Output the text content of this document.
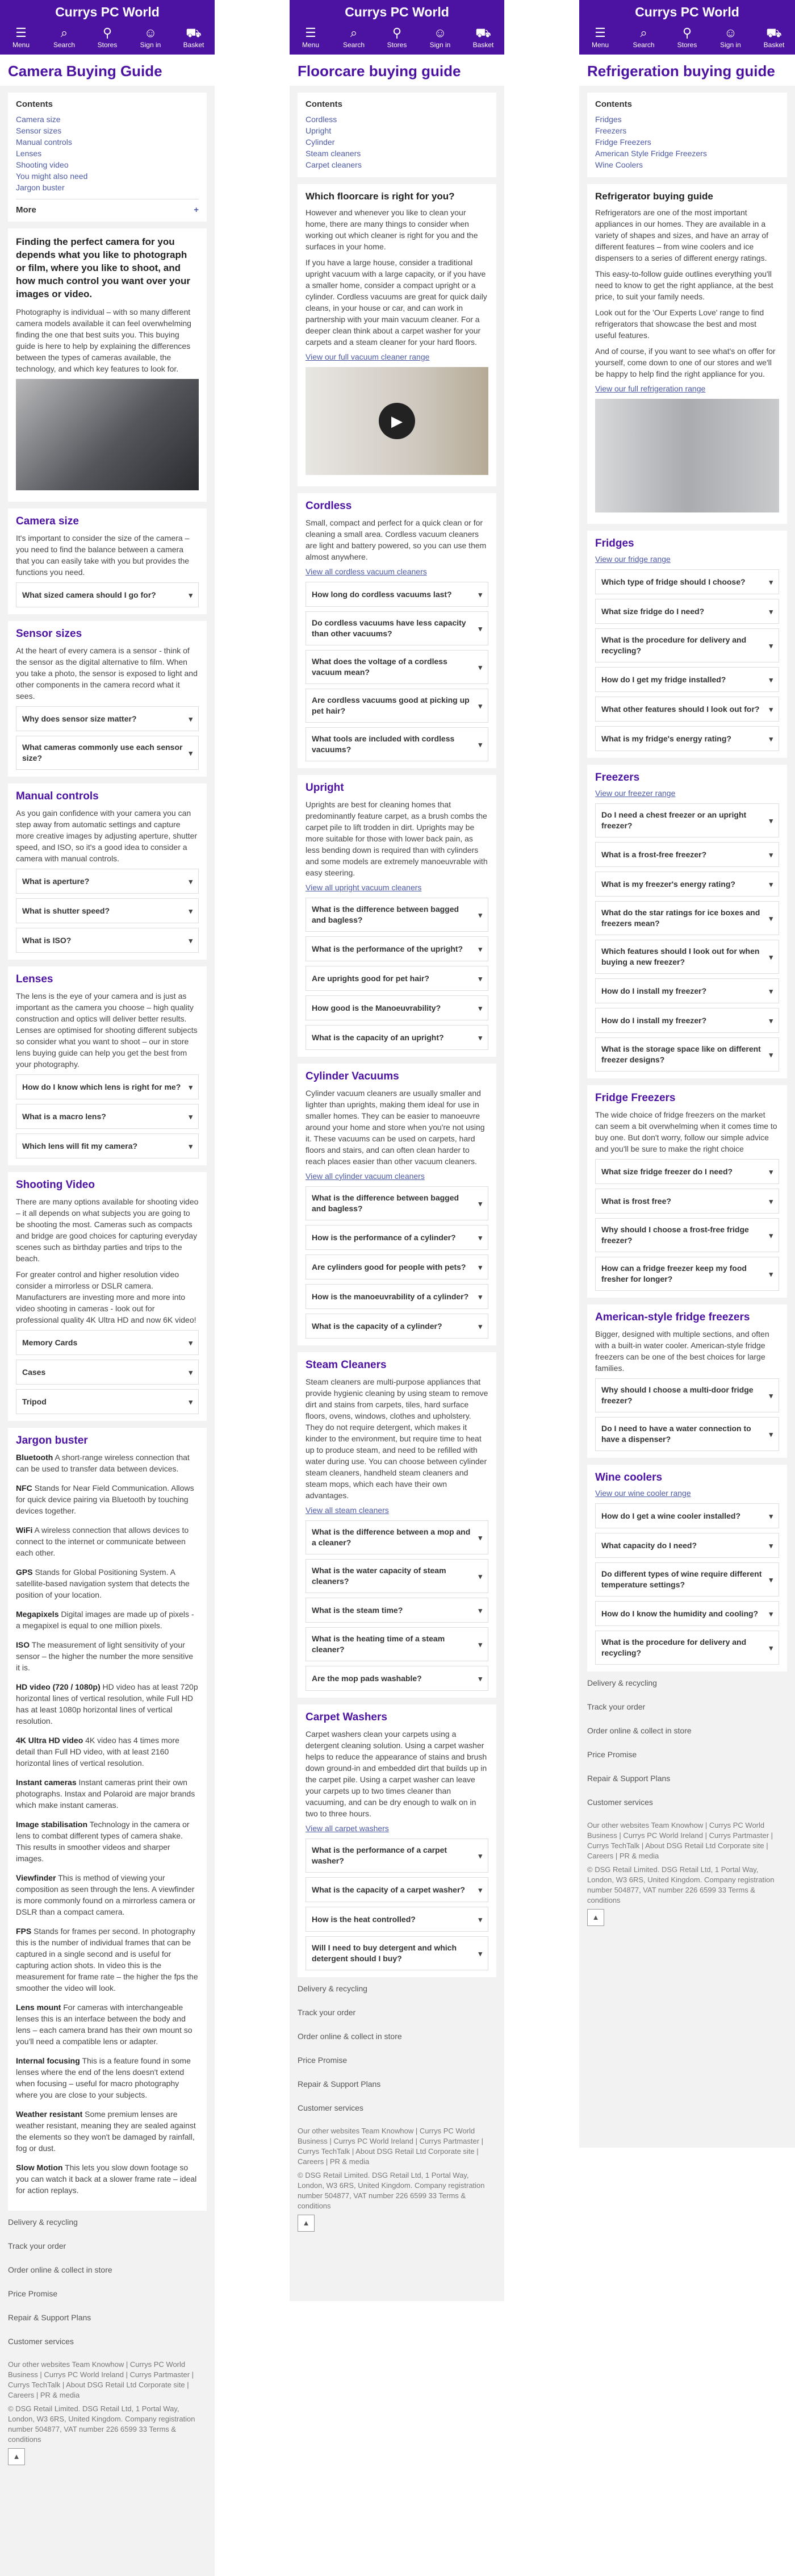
Currys PC World
☰
Menu
⌕
Search
⚲
Stores
☺
Sign in
⛟
Basket
Camera Buying Guide
Contents
Camera size
Sensor sizes
Manual controls
Lenses
Shooting video
You might also need
Jargon buster
More	+
Finding the perfect camera for you depends what you like to photograph or film, where you like to shoot, and how much control you want over your images or video.
Photography is individual – with so many different camera models available it can feel overwhelming finding the one that best suits you. This buying guide is here to help by explaining the differences between the types of cameras available, the technology, and which key features to look for.
Camera size
It's important to consider the size of the camera – you need to find the balance between a camera that you can easily take with you but provides the functions you need.
What sized camera should I go for?	▾
Sensor sizes
At the heart of every camera is a sensor - think of the sensor as the digital alternative to film. When you take a photo, the sensor is exposed to light and other components in the camera record what it sees.
Why does sensor size matter?	▾
What cameras commonly use each sensor size?
▾
Manual controls
As you gain confidence with your camera you can step away from automatic settings and capture more creative images by adjusting aperture, shutter speed, and ISO, so it's a good idea to consider a camera with manual controls.
What is aperture?	▾
What is shutter speed?	▾
What is ISO?	▾
Lenses
The lens is the eye of your camera and is just as important as the camera you choose – high quality construction and optics will deliver better results. Lenses are optimised for shooting different subjects so consider what you want to shoot – our in store lens buying guide can help you get the best from your photography.
How do I know which lens is right for me? ▾
What is a macro lens?	▾
Which lens will fit my camera?	▾
Shooting Video
There are many options available for shooting video – it all depends on what subjects you are going to be shooting the most. Cameras such as compacts and bridge are good choices for capturing everyday scenes such as birthday parties and trips to the beach.
For greater control and higher resolution video consider a mirrorless or DSLR camera. Manufacturers are investing more and more into video shooting in cameras - look out for professional quality 4K Ultra HD and now 6K video!
Memory Cards	▾
Cases	▾
Tripod	▾
Jargon buster
Bluetooth A short-range wireless connection that can be used to transfer data between devices.
NFC Stands for Near Field Communication. Allows for quick device pairing via Bluetooth by touching devices together.
WiFi A wireless connection that allows devices to connect to the internet or communicate between each other.
GPS Stands for Global Positioning System. A satellite-based navigation system that detects the position of your location.
Megapixels Digital images are made up of pixels - a megapixel is equal to one million pixels.
ISO The measurement of light sensitivity of your sensor – the higher the number the more sensitive it is.
HD video (720 / 1080p) HD video has at least 720p horizontal lines of vertical resolution, while Full HD has at least 1080p horizontal lines of vertical resolution.
4K Ultra HD video 4K video has 4 times more detail than Full HD video, with at least 2160 horizontal lines of vertical resolution.
Instant cameras Instant cameras print their own photographs. Instax and Polaroid are major brands which make instant cameras.
Image stabilisation Technology in the camera or lens to combat different types of camera shake. This results in smoother videos and sharper images.
Viewfinder This is method of viewing your composition as seen through the lens. A viewfinder is more commonly found on a mirrorless camera or DSLR than a compact camera.
FPS Stands for frames per second. In photography this is the number of individual frames that can be captured in a single second and is useful for capturing action shots. In video this is the measurement for frame rate – the higher the fps the smoother the video will look.
Lens mount For cameras with interchangeable lenses this is an interface between the body and lens – each camera brand has their own mount so you'll need a compatible lens or adapter.
Internal focusing This is a feature found in some lenses where the end of the lens doesn't extend when focusing – useful for macro photography where you are close to your subjects.
Weather resistant Some premium lenses are weather resistant, meaning they are sealed against the elements so they won't be damaged by rainfall, fog or dust.
Slow Motion This lets you slow down footage so you can watch it back at a slower frame rate – ideal for action replays.
Delivery & recycling
Track your order
Order online & collect in store
Price Promise
Repair & Support Plans
Customer services
Our other websites Team Knowhow | Currys PC World Business | Currys PC World Ireland | Currys Partmaster | Currys TechTalk | About DSG Retail Ltd Corporate site | Careers | PR & media
© DSG Retail Limited. DSG Retail Ltd, 1 Portal Way, London, W3 6RS, United Kingdom. Company registration number 504877, VAT number 226 6599 33 Terms & conditions
▲
Currys PC World
☰
Menu
⌕
Search
⚲
Stores
☺
Sign in
⛟
Basket
Floorcare buying guide
Contents
Cordless
Upright
Cylinder
Steam cleaners
Carpet cleaners
Which floorcare is right for you?
However and whenever you like to clean your home, there are many things to consider when working out which cleaner is right for you and the surfaces in your home.
If you have a large house, consider a traditional upright vacuum with a large capacity, or if you have a smaller home, consider a compact upright or a cylinder. Cordless vacuums are great for quick daily cleans, in your house or car, and can work in partnership with your main vacuum cleaner. For a deeper clean think about a carpet washer for your carpets and a steam cleaner for your hard floors.
View our full vacuum cleaner range
▶
Cordless
Small, compact and perfect for a quick clean or for cleaning a small area. Cordless vacuum cleaners are light and battery powered, so you can use them almost anywhere.
View all cordless vacuum cleaners
How long do cordless vacuums last?	▾
Do cordless vacuums have less capacity than other vacuums?
▾
What does the voltage of a cordless vacuum mean?
▾
Are cordless vacuums good at picking up pet hair?
▾
What tools are included with cordless vacuums?
▾
Upright
Uprights are best for cleaning homes that predominantly feature carpet, as a brush combs the carpet pile to lift trodden in dirt. Uprights may be more suitable for those with lower back pain, as less bending down is required than with cylinders and some models are extremely manoeuvrable with easy steering.
View all upright vacuum cleaners
What is the difference between bagged and bagless?
▾
What is the performance of the upright? ▾
Are uprights good for pet hair?	▾
How good is the Manoeuvrability?	▾
What is the capacity of an upright?	▾
Cylinder Vacuums
Cylinder vacuum cleaners are usually smaller and lighter than uprights, making them ideal for use in smaller homes. They can be easier to manoeuvre around your home and store when you're not using it. These vacuums can be used on carpets, hard floors and stairs, and can often clean harder to reach places easier than other vacuum cleaners.
View all cylinder vacuum cleaners
What is the difference between bagged and bagless?
▾
How is the performance of a cylinder?	▾
Are cylinders good for people with pets? ▾
How is the manoeuvrability of a cylinder? ▾
What is the capacity of a cylinder?	▾
Steam Cleaners
Steam cleaners are multi-purpose appliances that provide hygienic cleaning by using steam to remove dirt and stains from carpets, tiles, hard surface floors, ovens, windows, clothes and upholstery. They do not require detergent, which makes it kinder to the environment, but require time to heat up to produce steam, and need to be refilled with water during use. You can choose between cylinder steam cleaners, handheld steam cleaners and steam mops, which each have their own advantages.
View all steam cleaners
What is the difference between a mop and a cleaner?
▾
What is the water capacity of steam cleaners?
▾
What is the steam time?	▾
What is the heating time of a steam cleaner?
▾
Are the mop pads washable?	▾
Carpet Washers
Carpet washers clean your carpets using a detergent cleaning solution. Using a carpet washer helps to reduce the appearance of stains and brush down ground-in and embedded dirt that builds up in the carpet pile. Using a carpet washer can leave your carpets up to two times cleaner than vacuuming, and can be dry enough to walk on in two to three hours.
View all carpet washers
What is the performance of a carpet washer?
▾
What is the capacity of a carpet washer? ▾
How is the heat controlled?	▾
Will I need to buy detergent and which detergent should I buy?
▾
Delivery & recycling
Track your order
Order online & collect in store
Price Promise
Repair & Support Plans
Customer services
Our other websites Team Knowhow | Currys PC World Business | Currys PC World Ireland | Currys Partmaster | Currys TechTalk | About DSG Retail Ltd Corporate site | Careers | PR & media
© DSG Retail Limited. DSG Retail Ltd, 1 Portal Way, London, W3 6RS, United Kingdom. Company registration number 504877, VAT number 226 6599 33 Terms & conditions
▲
Currys PC World
☰
Menu
⌕
Search
⚲
Stores
☺
Sign in
⛟
Basket
Refrigeration buying guide
Contents
Fridges
Freezers
Fridge Freezers
American Style Fridge Freezers
Wine Coolers
Refrigerator buying guide
Refrigerators are one of the most important appliances in our homes. They are available in a variety of shapes and sizes, and have an array of different features – from wine coolers and ice dispensers to a series of different energy ratings.
This easy-to-follow guide outlines everything you'll need to know to get the right appliance, at the best price, to suit your family needs.
Look out for the 'Our Experts Love' range to find refrigerators that showcase the best and most useful features.
And of course, if you want to see what's on offer for yourself, come down to one of our stores and we'll be happy to help find the right appliance for you.
View our full refrigeration range
Fridges
View our fridge range
Which type of fridge should I choose?	▾
What size fridge do I need?	▾
What is the procedure for delivery and recycling?
▾
How do I get my fridge installed?	▾
What other features should I look out for? ▾
What is my fridge's energy rating?	▾
Freezers
View our freezer range
Do I need a chest freezer or an upright freezer?
▾
What is a frost-free freezer?	▾
What is my freezer's energy rating?	▾
What do the star ratings for ice boxes and freezers mean?
▾
Which features should I look out for when buying a new freezer?
▾
How do I install my freezer?	▾
How do I install my freezer?	▾
What is the storage space like on different freezer designs?
▾
Fridge Freezers
The wide choice of fridge freezers on the market can seem a bit overwhelming when it comes time to buy one. But don't worry, follow our simple advice and you'll be sure to make the right choice
What size fridge freezer do I need?	▾
What is frost free?	▾
Why should I choose a frost-free fridge freezer?
▾
How can a fridge freezer keep my food fresher for longer?
▾
American-style fridge freezers
Bigger, designed with multiple sections, and often with a built-in water cooler. American-style fridge freezers can be one of the best choices for large families.
Why should I choose a multi-door fridge freezer?
▾
Do I need to have a water connection to have a dispenser?
▾
Wine coolers
View our wine cooler range
How do I get a wine cooler installed?	▾
What capacity do I need?	▾
Do different types of wine require different temperature settings?
▾
How do I know the humidity and cooling? ▾
What is the procedure for delivery and recycling?
▾
Delivery & recycling
Track your order
Order online & collect in store
Price Promise
Repair & Support Plans
Customer services
Our other websites Team Knowhow | Currys PC World Business | Currys PC World Ireland | Currys Partmaster | Currys TechTalk | About DSG Retail Ltd Corporate site | Careers | PR & media
© DSG Retail Limited. DSG Retail Ltd, 1 Portal Way, London, W3 6RS, United Kingdom. Company registration number 504877, VAT number 226 6599 33 Terms & conditions
▲
